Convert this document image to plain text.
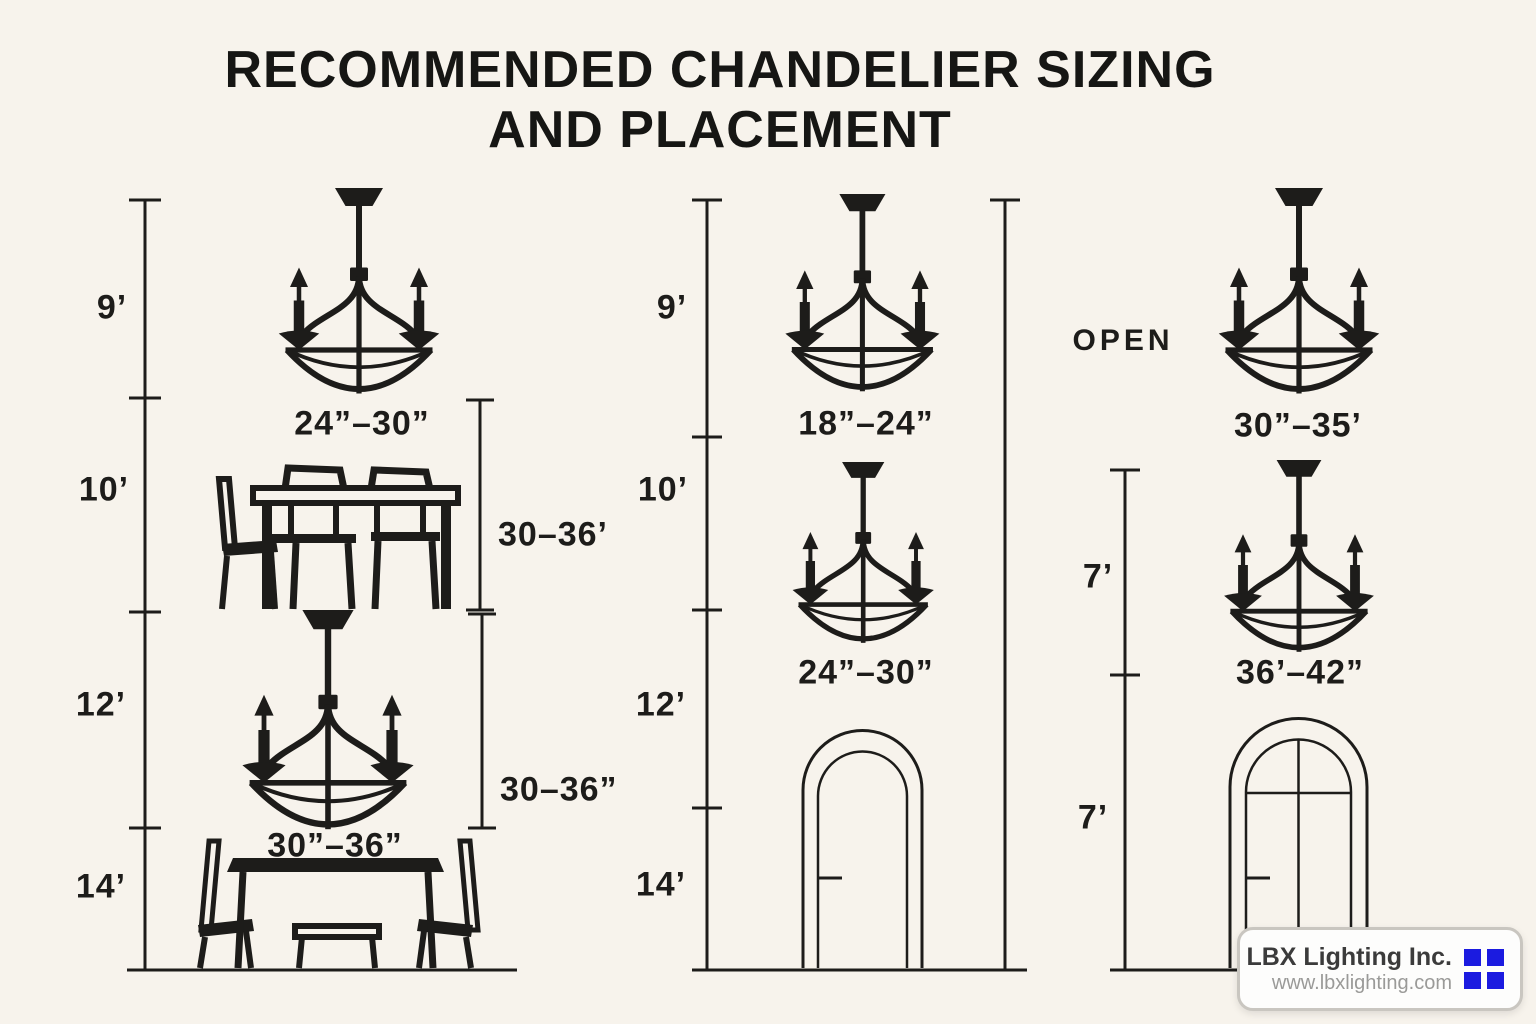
RECOMMENDED CHANDELIER SIZING
AND PLACEMENT
9’
10’
12’
14’
24”–30”
30–36’
30”–36”
30–36”
9’
10’
12’
14’
18”–24”
24”–30”
OPEN
7’
7’
30”–35’
36’–42”
LBX Lighting Inc.
www.lbxlighting.com
